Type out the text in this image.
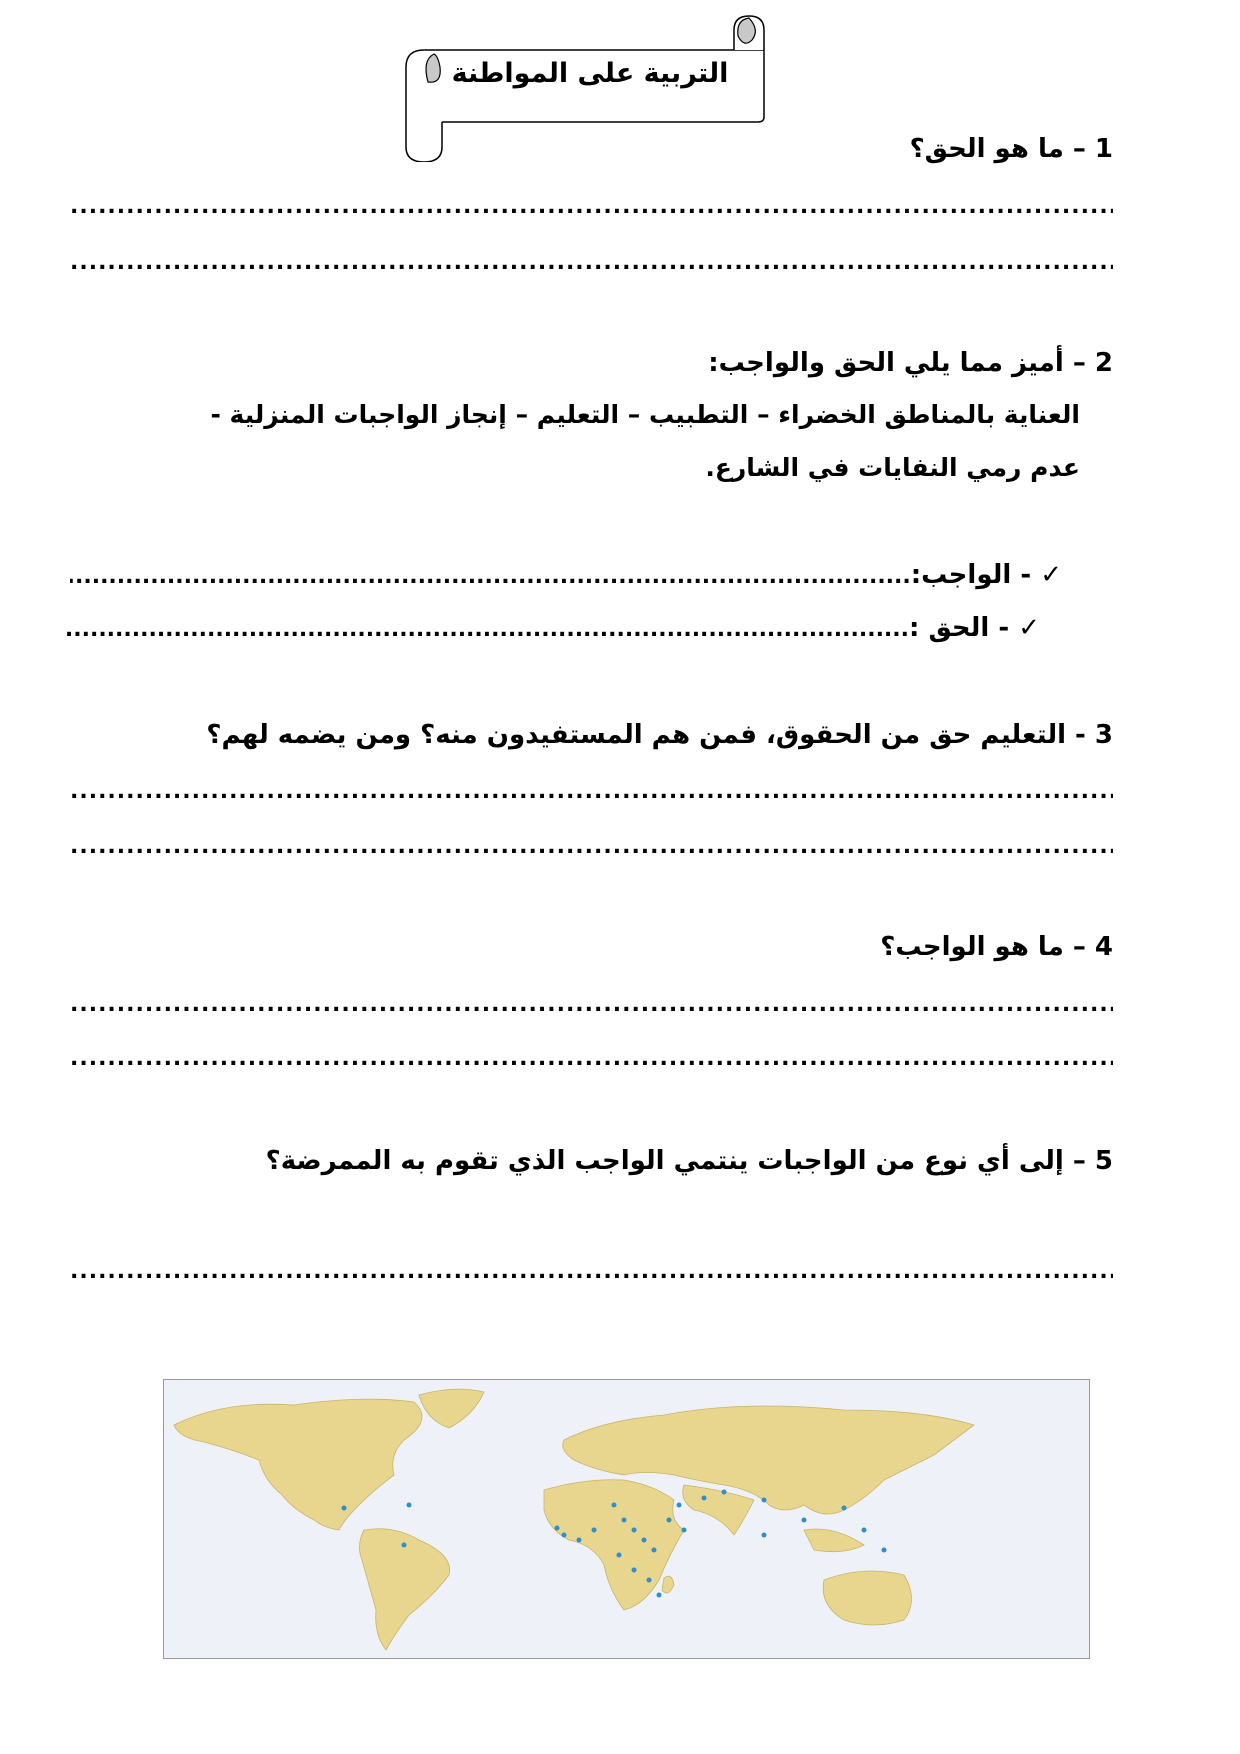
التربية على المواطنة
1 – ما هو الحق؟
.....
.....
2 – أميز مما يلي الحق والواجب:
العناية بالمناطق الخضراء – التطبيب – التعليم – إنجاز الواجبات المنزلية -
عدم رمي النفايات في الشارع.
✓ - الواجب: .....
✓ - الحق : .....
3 - التعليم حق من الحقوق، فمن هم المستفيدون منه؟ ومن يضمه لهم؟
.....
.....
4 – ما هو الواجب؟
.....
.....
5 – إلى أي نوع من الواجبات ينتمي الواجب الذي تقوم به الممرضة؟
.....
